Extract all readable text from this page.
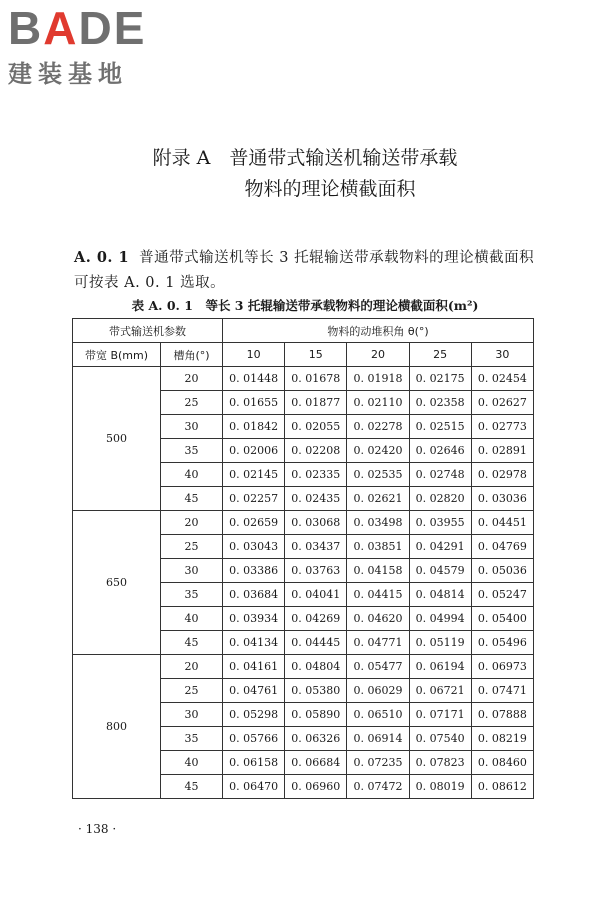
BADE
建装基地
附录 A　普通带式输送机输送带承载
物料的理论横截面积
A. 0. 1 普通带式输送机等长 3 托辊输送带承载物料的理论横截面积可按表 A. 0. 1 选取。
表 A. 0. 1　等长 3 托辊输送带承载物料的理论横截面积(m²)
带式输送机参数		物料的动堆积角 θ(°)				
带宽 B(mm)	槽角(°)	10	15	20	25	30
500	20	0. 01448	0. 01678	0. 01918	0. 02175	0. 02454
	25	0. 01655	0. 01877	0. 02110	0. 02358	0. 02627
	30	0. 01842	0. 02055	0. 02278	0. 02515	0. 02773
	35	0. 02006	0. 02208	0. 02420	0. 02646	0. 02891
	40	0. 02145	0. 02335	0. 02535	0. 02748	0. 02978
	45	0. 02257	0. 02435	0. 02621	0. 02820	0. 03036
650	20	0. 02659	0. 03068	0. 03498	0. 03955	0. 04451
	25	0. 03043	0. 03437	0. 03851	0. 04291	0. 04769
	30	0. 03386	0. 03763	0. 04158	0. 04579	0. 05036
	35	0. 03684	0. 04041	0. 04415	0. 04814	0. 05247
	40	0. 03934	0. 04269	0. 04620	0. 04994	0. 05400
	45	0. 04134	0. 04445	0. 04771	0. 05119	0. 05496
800	20	0. 04161	0. 04804	0. 05477	0. 06194	0. 06973
	25	0. 04761	0. 05380	0. 06029	0. 06721	0. 07471
	30	0. 05298	0. 05890	0. 06510	0. 07171	0. 07888
	35	0. 05766	0. 06326	0. 06914	0. 07540	0. 08219
	40	0. 06158	0. 06684	0. 07235	0. 07823	0. 08460
	45	0. 06470	0. 06960	0. 07472	0. 08019	0. 08612
· 138 ·
